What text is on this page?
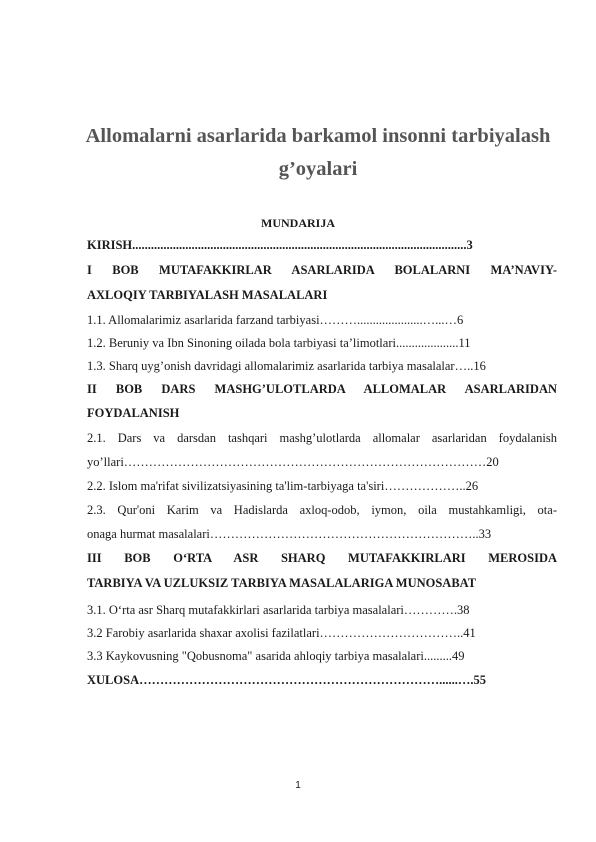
Allomalarni asarlarida barkamol insonni tarbiyalash
g’oyalari
MUNDARIJA
KIRISH...........................................................................................................3
I BOB MUTAFAKKIRLAR ASARLARIDA BOLALARNI MA’NAVIY-
AXLOQIY TARBIYALASH MASALALARI
1.1. Allomalarimiz asarlarida farzand tarbiyasi……….....................…...…6
1.2. Beruniy va Ibn Sinoning oilada bola tarbiyasi ta’limotlari....................11
1.3. Sharq uyg’onish davridagi allomalarimiz asarlarida tarbiya masalalar…..16
II BOB DARS MASHG’ULOTLARDA ALLOMALAR ASARLARIDAN
FOYDALANISH
2.1. Dars va darsdan tashqari mashg’ulotlarda allomalar asarlaridan foydalanish
yo’llari……………………………………………………………………………20
2.2. Islom ma'rifat sivilizatsiyasining ta'lim-tarbiyaga ta'siri………………..26
2.3. Qur'oni Karim va Hadislarda axloq-odob, iymon, oila mustahkamligi, ota-
onaga hurmat masalalari………………………………………………………..33
III BOB O‘RTA ASR SHARQ MUTAFAKKIRLARI MEROSIDA
TARBIYA VA UZLUKSIZ TARBIYA MASALALARIGA MUNOSABAT
3.1. O‘rta asr Sharq mutafakkirlari asarlarida tarbiya masalalari………….38
3.2 Farobiy asarlarida shaxar axolisi fazilatlari……………………………..41
3.3 Kaykovusning "Qobusnoma" asarida ahloqiy tarbiya masalalari.........49
XULOSA………………………………………………………………......….55
1
